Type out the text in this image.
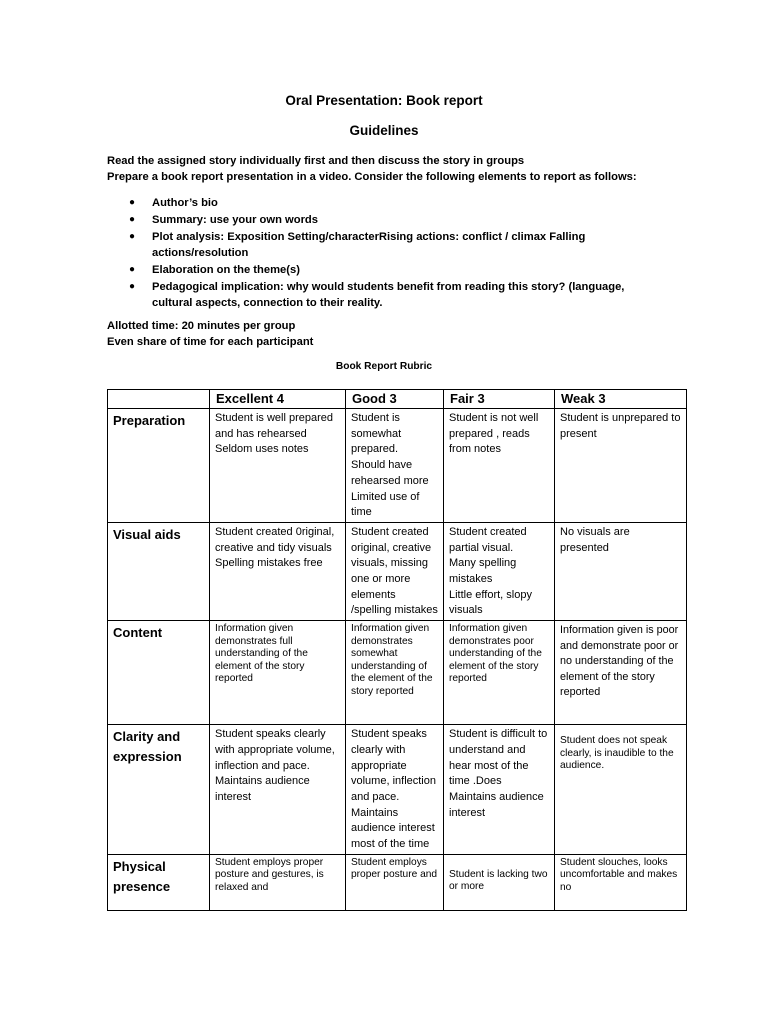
Oral Presentation: Book report
Guidelines
Read the assigned story individually first and then discuss the story in groups
Prepare a book report presentation in a video. Consider the following elements to report as follows:
● Author’s bio
● Summary: use your own words
● Plot analysis: Exposition Setting/characterRising actions: conflict / climax Falling actions/resolution
● Elaboration on the theme(s)
● Pedagogical implication: why would students benefit from reading this story? (language, cultural aspects, connection to their reality.
Allotted time: 20 minutes per group
Even share of time for each participant
Book Report Rubric
	Excellent 4	Good 3	Fair 3	Weak 3
Preparation	Student is well prepared and has rehearsed
Seldom uses notes	Student is somewhat prepared.
Should have rehearsed more
Limited use of time	Student is not well prepared , reads from notes	Student is unprepared to present
Visual aids	Student created 0riginal, creative and tidy visuals
Spelling mistakes free	Student created original, creative visuals, missing one or more elements /spelling mistakes	Student created partial visual.
Many spelling mistakes
Little effort, slopy visuals	No visuals are presented
Content	Information given demonstrates full understanding of the element of the story reported	Information given demonstrates somewhat understanding of the element of the story reported	Information given demonstrates poor understanding of the element of the story reported	Information given is poor and demonstrate poor or no understanding of the element of the story reported
Clarity and expression	Student speaks clearly with appropriate volume, inflection and pace. Maintains audience interest	Student speaks clearly with appropriate volume, inflection and pace. Maintains audience interest most of the time	Student is difficult to understand and hear most of the time .Does Maintains audience interest	Student does not speak clearly, is inaudible to the audience.
Physical presence	Student employs proper posture and gestures, is relaxed and	Student employs proper posture and	Student is lacking two or more	Student slouches, looks uncomfortable and makes no
